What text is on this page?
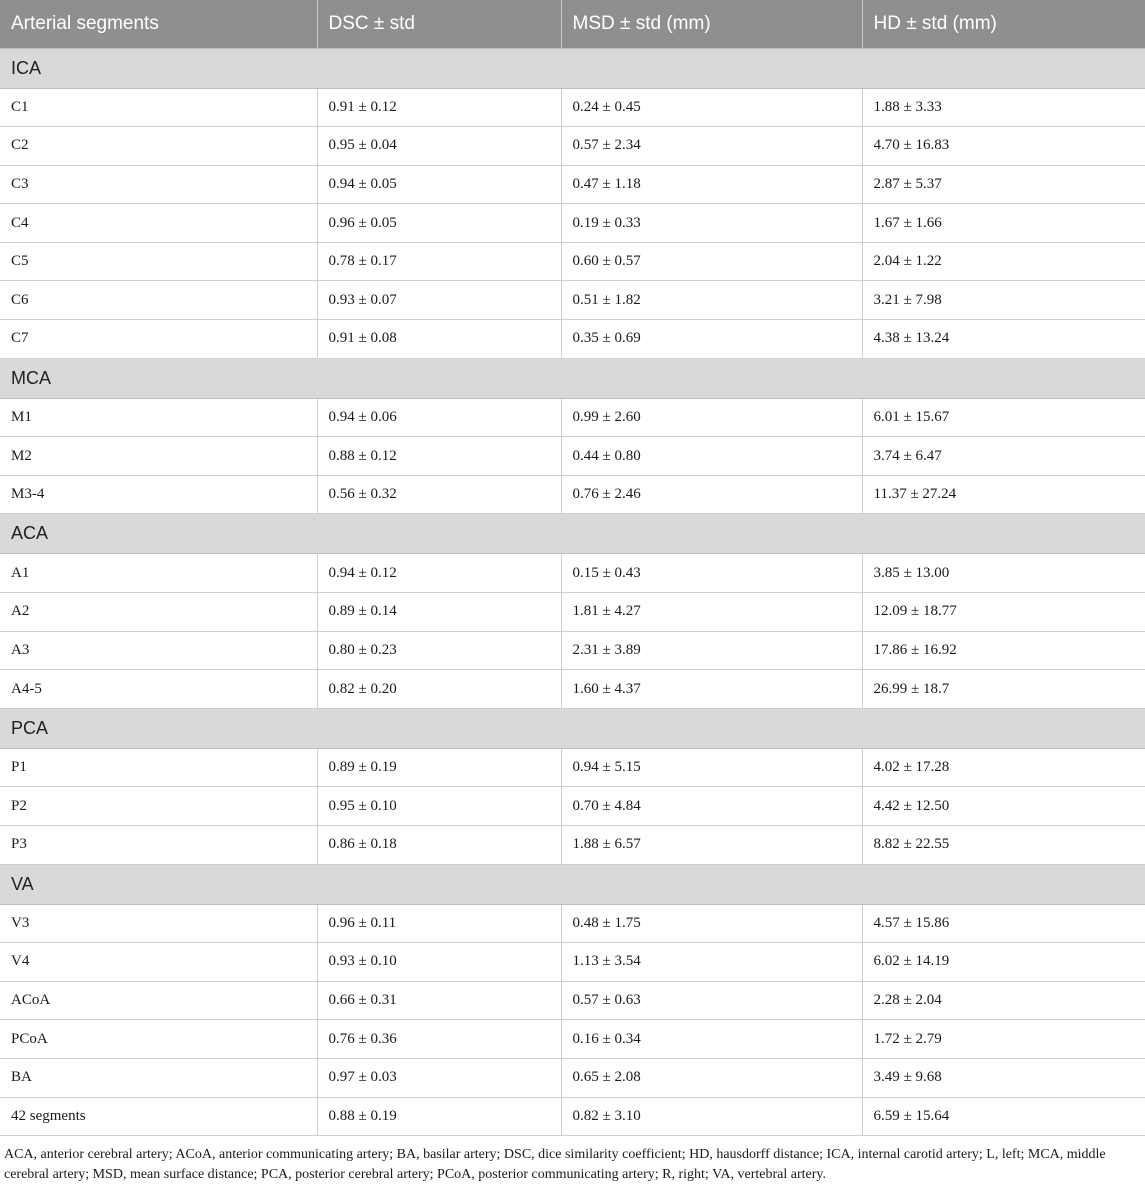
Arterial segments	DSC ± std	MSD ± std (mm)	HD ± std (mm)
ICA			
C1	0.91 ± 0.12	0.24 ± 0.45	1.88 ± 3.33
C2	0.95 ± 0.04	0.57 ± 2.34	4.70 ± 16.83
C3	0.94 ± 0.05	0.47 ± 1.18	2.87 ± 5.37
C4	0.96 ± 0.05	0.19 ± 0.33	1.67 ± 1.66
C5	0.78 ± 0.17	0.60 ± 0.57	2.04 ± 1.22
C6	0.93 ± 0.07	0.51 ± 1.82	3.21 ± 7.98
C7	0.91 ± 0.08	0.35 ± 0.69	4.38 ± 13.24
MCA			
M1	0.94 ± 0.06	0.99 ± 2.60	6.01 ± 15.67
M2	0.88 ± 0.12	0.44 ± 0.80	3.74 ± 6.47
M3-4	0.56 ± 0.32	0.76 ± 2.46	11.37 ± 27.24
ACA			
A1	0.94 ± 0.12	0.15 ± 0.43	3.85 ± 13.00
A2	0.89 ± 0.14	1.81 ± 4.27	12.09 ± 18.77
A3	0.80 ± 0.23	2.31 ± 3.89	17.86 ± 16.92
A4-5	0.82 ± 0.20	1.60 ± 4.37	26.99 ± 18.7
PCA			
P1	0.89 ± 0.19	0.94 ± 5.15	4.02 ± 17.28
P2	0.95 ± 0.10	0.70 ± 4.84	4.42 ± 12.50
P3	0.86 ± 0.18	1.88 ± 6.57	8.82 ± 22.55
VA			
V3	0.96 ± 0.11	0.48 ± 1.75	4.57 ± 15.86
V4	0.93 ± 0.10	1.13 ± 3.54	6.02 ± 14.19
ACoA	0.66 ± 0.31	0.57 ± 0.63	2.28 ± 2.04
PCoA	0.76 ± 0.36	0.16 ± 0.34	1.72 ± 2.79
BA	0.97 ± 0.03	0.65 ± 2.08	3.49 ± 9.68
42 segments	0.88 ± 0.19	0.82 ± 3.10	6.59 ± 15.64
ACA, anterior cerebral artery; ACoA, anterior communicating artery; BA, basilar artery; DSC, dice similarity coefficient; HD, hausdorff distance; ICA, internal carotid artery; L, left; MCA, middle cerebral artery; MSD, mean surface distance; PCA, posterior cerebral artery; PCoA, posterior communicating artery; R, right; VA, vertebral artery.
